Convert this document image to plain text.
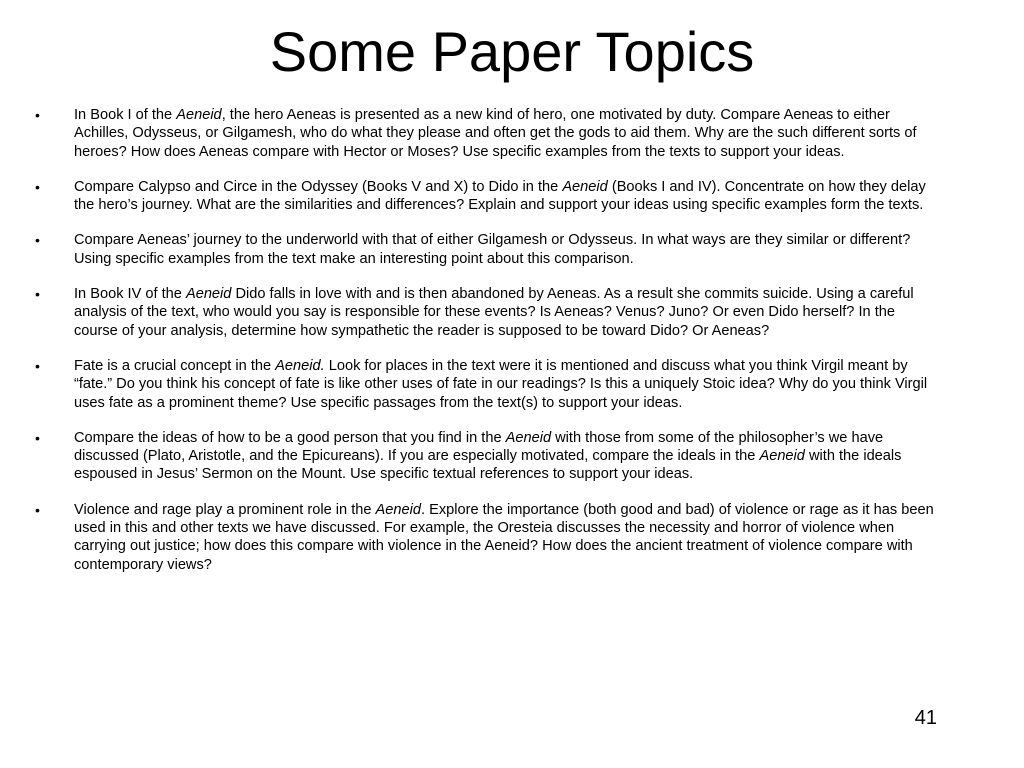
Some Paper Topics
•	In Book I of the Aeneid, the hero Aeneas is presented as a new kind of hero, one motivated by duty. Compare Aeneas to either Achilles, Odysseus, or Gilgamesh, who do what they please and often get the gods to aid them. Why are the such different sorts of heroes? How does Aeneas compare with Hector or Moses? Use specific examples from the texts to support your ideas.
•	Compare Calypso and Circe in the Odyssey (Books V and X) to Dido in the Aeneid (Books I and IV). Concentrate on how they delay the hero’s journey. What are the similarities and differences? Explain and support your ideas using specific examples form the texts.
•	Compare Aeneas’ journey to the underworld with that of either Gilgamesh or Odysseus. In what ways are they similar or different? Using specific examples from the text make an interesting point about this comparison.
•	In Book IV of the Aeneid Dido falls in love with and is then abandoned by Aeneas. As a result she commits suicide. Using a careful analysis of the text, who would you say is responsible for these events? Is Aeneas? Venus? Juno? Or even Dido herself? In the course of your analysis, determine how sympathetic the reader is supposed to be toward Dido? Or Aeneas?
•	Fate is a crucial concept in the Aeneid. Look for places in the text were it is mentioned and discuss what you think Virgil meant by “fate.” Do you think his concept of fate is like other uses of fate in our readings? Is this a uniquely Stoic idea? Why do you think Virgil uses fate as a prominent theme? Use specific passages from the text(s) to support your ideas.
•	Compare the ideas of how to be a good person that you find in the Aeneid with those from some of the philosopher’s we have discussed (Plato, Aristotle, and the Epicureans). If you are especially motivated, compare the ideals in the Aeneid with the ideals espoused in Jesus’ Sermon on the Mount. Use specific textual references to support your ideas.
•	Violence and rage play a prominent role in the Aeneid. Explore the importance (both good and bad) of violence or rage as it has been used in this and other texts we have discussed. For example, the Oresteia discusses the necessity and horror of violence when carrying out justice; how does this compare with violence in the Aeneid? How does the ancient treatment of violence compare with contemporary views?
41
